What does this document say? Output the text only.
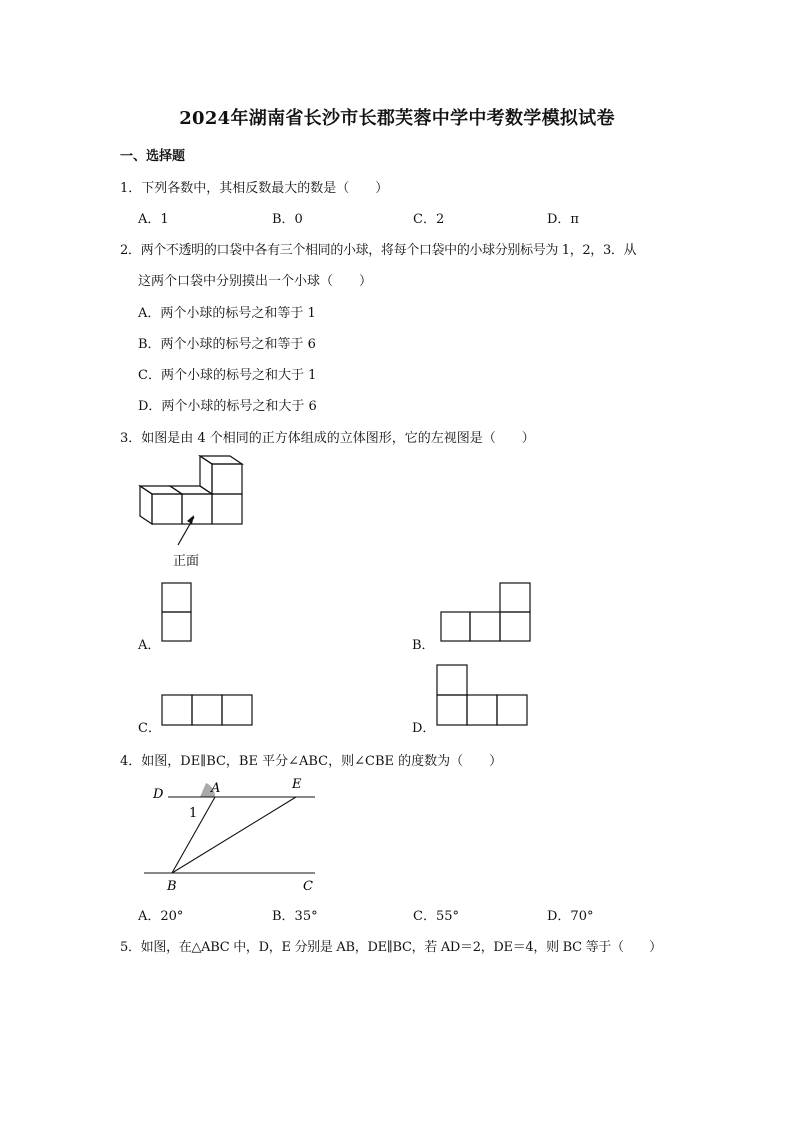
2024年湖南省长沙市长郡芙蓉中学中考数学模拟试卷
一、选择题
1．下列各数中，其相反数最大的数是（　　）
A．1	B．0	C．2	D．π
2．两个不透明的口袋中各有三个相同的小球，将每个口袋中的小球分别标号为 1，2，3．从
这两个口袋中分别摸出一个小球（　　）
A．两个小球的标号之和等于 1
B．两个小球的标号之和等于 6
C．两个小球的标号之和大于 1
D．两个小球的标号之和大于 6
3．如图是由 4 个相同的正方体组成的立体图形，它的左视图是（　　）
正面
A．	B．
C．	D．
4．如图，DE∥BC，BE 平分∠ABC，则∠CBE 的度数为（　　）
D	A	E
B	C
1
A．20°	B．35°	C．55°	D．70°
5．如图，在△ABC 中，D，E 分别是 AB，DE∥BC，若 AD＝2，DE＝4，则 BC 等于（　　）
